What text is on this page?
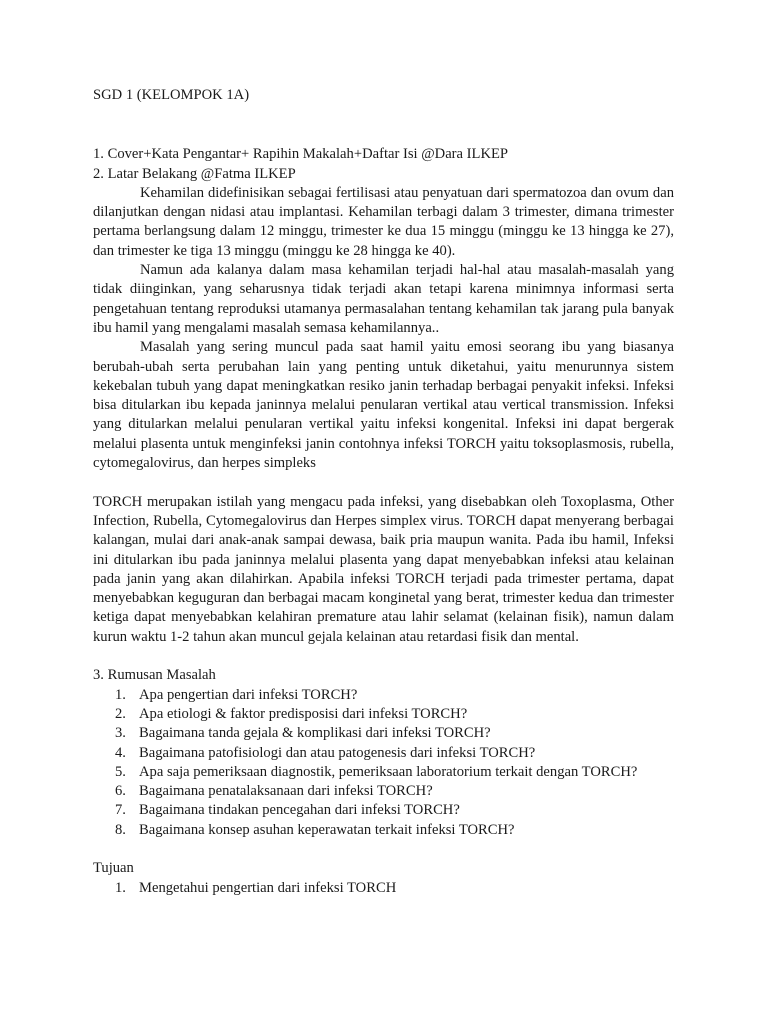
SGD 1 (KELOMPOK 1A)

1. Cover+Kata Pengantar+ Rapihin Makalah+Daftar Isi @Dara ILKEP

2. Latar Belakang @Fatma ILKEP

Kehamilan didefinisikan sebagai fertilisasi atau penyatuan dari spermatozoa dan ovum dan dilanjutkan dengan nidasi atau implantasi. Kehamilan terbagi dalam 3 trimester, dimana trimester pertama berlangsung dalam 12 minggu, trimester ke dua 15 minggu (minggu ke 13 hingga ke 27), dan trimester ke tiga 13 minggu (minggu ke 28 hingga ke 40).

Namun ada kalanya dalam masa kehamilan terjadi hal-hal atau masalah-masalah yang tidak diinginkan, yang seharusnya tidak terjadi akan tetapi karena minimnya informasi serta pengetahuan tentang reproduksi utamanya permasalahan tentang kehamilan tak jarang pula banyak ibu hamil yang mengalami masalah semasa kehamilannya..

Masalah yang sering muncul pada saat hamil yaitu emosi seorang ibu yang biasanya berubah-ubah serta perubahan lain yang penting untuk diketahui, yaitu menurunnya sistem kekebalan tubuh yang dapat meningkatkan resiko janin terhadap berbagai penyakit infeksi. Infeksi bisa ditularkan ibu kepada janinnya melalui penularan vertikal atau vertical transmission. Infeksi yang ditularkan melalui penularan vertikal yaitu infeksi kongenital. Infeksi ini dapat bergerak melalui plasenta untuk menginfeksi janin contohnya infeksi TORCH yaitu toksoplasmosis, rubella, cytomegalovirus, dan herpes simpleks

TORCH merupakan istilah yang mengacu pada infeksi, yang disebabkan oleh Toxoplasma, Other Infection, Rubella, Cytomegalovirus dan Herpes simplex virus. TORCH dapat menyerang berbagai kalangan, mulai dari anak-anak sampai dewasa, baik pria maupun wanita. Pada ibu hamil, Infeksi ini ditularkan ibu pada janinnya melalui plasenta yang dapat menyebabkan infeksi atau kelainan pada janin yang akan dilahirkan. Apabila infeksi TORCH terjadi pada trimester pertama, dapat menyebabkan keguguran dan berbagai macam konginetal yang berat, trimester kedua dan trimester ketiga dapat menyebabkan kelahiran premature atau lahir selamat (kelainan fisik), namun dalam kurun waktu 1-2 tahun akan muncul gejala kelainan atau retardasi fisik dan mental.

3. Rumusan Masalah

1. Apa pengertian dari infeksi TORCH?
2. Apa etiologi & faktor predisposisi dari infeksi TORCH?
3. Bagaimana tanda gejala & komplikasi dari infeksi TORCH?
4. Bagaimana patofisiologi dan atau patogenesis dari infeksi TORCH?
5. Apa saja pemeriksaan diagnostik, pemeriksaan laboratorium terkait dengan TORCH?
6. Bagaimana penatalaksanaan dari infeksi TORCH?
7. Bagaimana tindakan pencegahan dari infeksi TORCH?
8. Bagaimana konsep asuhan keperawatan terkait infeksi TORCH?

Tujuan

1. Mengetahui pengertian dari infeksi TORCH
